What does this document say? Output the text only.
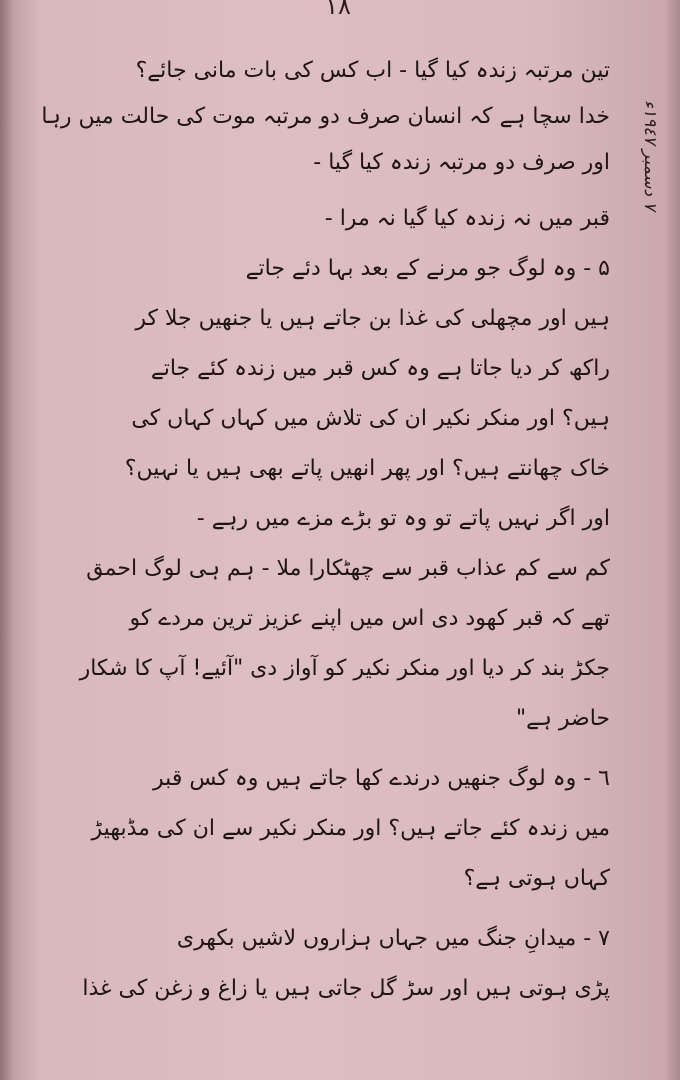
۱۸
٧ دسمبر ١٩٤٧ء
تین مرتبہ زندہ کیا گیا - اب کس کی بات مانی جائے؟
خدا سچا ہے کہ انسان صرف دو مرتبہ موت کی حالت میں رہا
اور صرف دو مرتبہ زندہ کیا گیا -
قبر میں نہ زندہ کیا گیا نہ مرا -
۵ - وہ لوگ جو مرنے کے بعد بہا دئے جاتے
ہیں اور مچھلی کی غذا بن جاتے ہیں یا جنھیں جلا کر
راکھ کر دیا جاتا ہے وہ کس قبر میں زندہ کئے جاتے
ہیں؟ اور منکر نکیر ان کی تلاش میں کہاں کہاں کی
خاک چھانتے ہیں؟ اور پھر انھیں پاتے بھی ہیں یا نہیں؟
اور اگر نہیں پاتے تو وہ تو بڑے مزے میں رہے -
کم سے کم عذاب قبر سے چھٹکارا ملا - ہم ہی لوگ احمق
تھے کہ قبر کھود دی اس میں اپنے عزیز ترین مردے کو
جکڑ بند کر دیا اور منکر نکیر کو آواز دی "آئیے! آپ کا شکار
حاضر ہے"
٦ - وہ لوگ جنھیں درندے کھا جاتے ہیں وہ کس قبر
میں زندہ کئے جاتے ہیں؟ اور منکر نکیر سے ان کی مڈبھیڑ
کہاں ہوتی ہے؟
٧ - میدانِ جنگ میں جہاں ہزاروں لاشیں بکھری
پڑی ہوتی ہیں اور سڑ گل جاتی ہیں یا زاغ و زغن کی غذا
